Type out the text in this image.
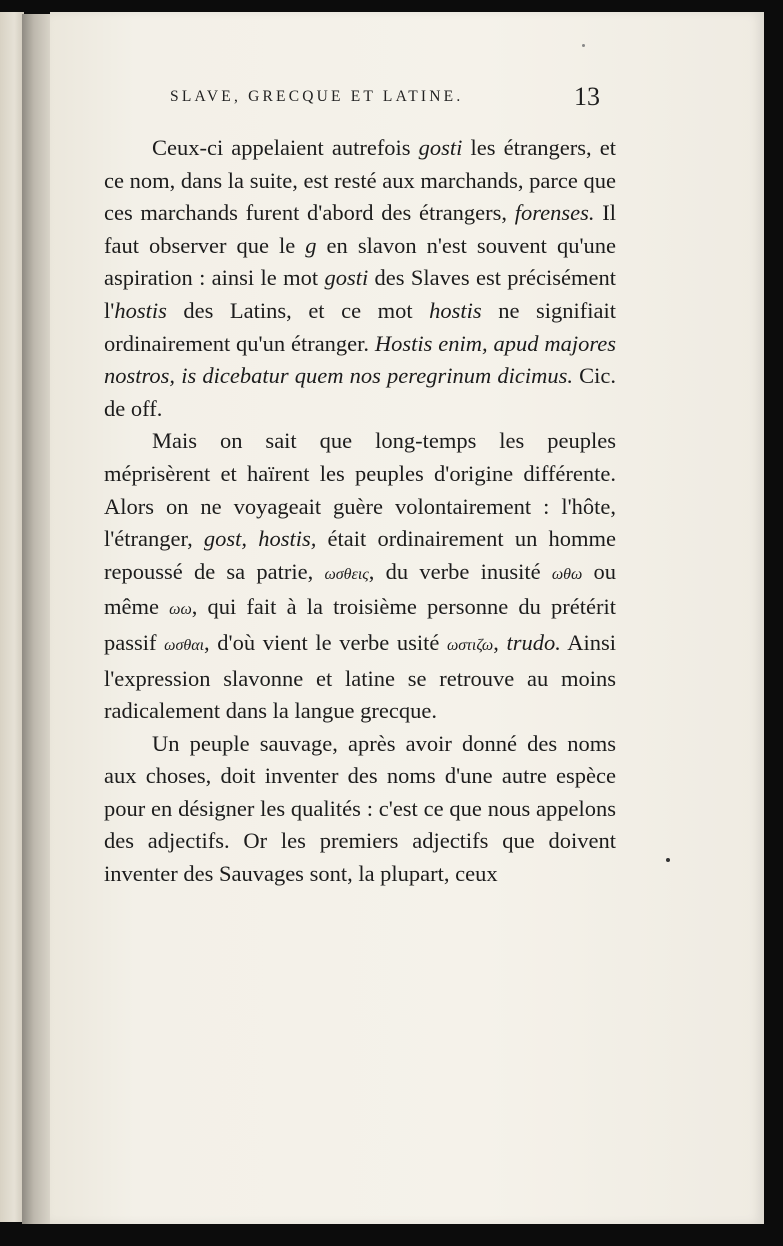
SLAVE, GRECQUE ET LATINE.	13

Ceux-ci appelaient autrefois gosti les étrangers, et ce nom, dans la suite, est resté aux marchands, parce que ces marchands furent d'abord des étrangers, forenses. Il faut observer que le g en slavon n'est souvent qu'une aspiration : ainsi le mot gosti des Slaves est précisément l'hostis des Latins, et ce mot hostis ne signifiait ordinairement qu'un étranger. Hostis enim, apud majores nostros, is dicebatur quem nos peregrinum dicimus. Cic. de off.

Mais on sait que long-temps les peuples méprisèrent et haïrent les peuples d'origine différente. Alors on ne voyageait guère volontairement : l'hôte, l'étranger, gost, hostis, était ordinairement un homme repoussé de sa patrie, ωσθεις, du verbe inusité ωθω ou même ωω, qui fait à la troisième personne du prétérit passif ωσθαι, d'où vient le verbe usité ωστιζω, trudo. Ainsi l'expression slavonne et latine se retrouve au moins radicalement dans la langue grecque.

Un peuple sauvage, après avoir donné des noms aux choses, doit inventer des noms d'une autre espèce pour en désigner les qualités : c'est ce que nous appelons des adjectifs. Or les premiers adjectifs que doivent inventer des Sauvages sont, la plupart, ceux
